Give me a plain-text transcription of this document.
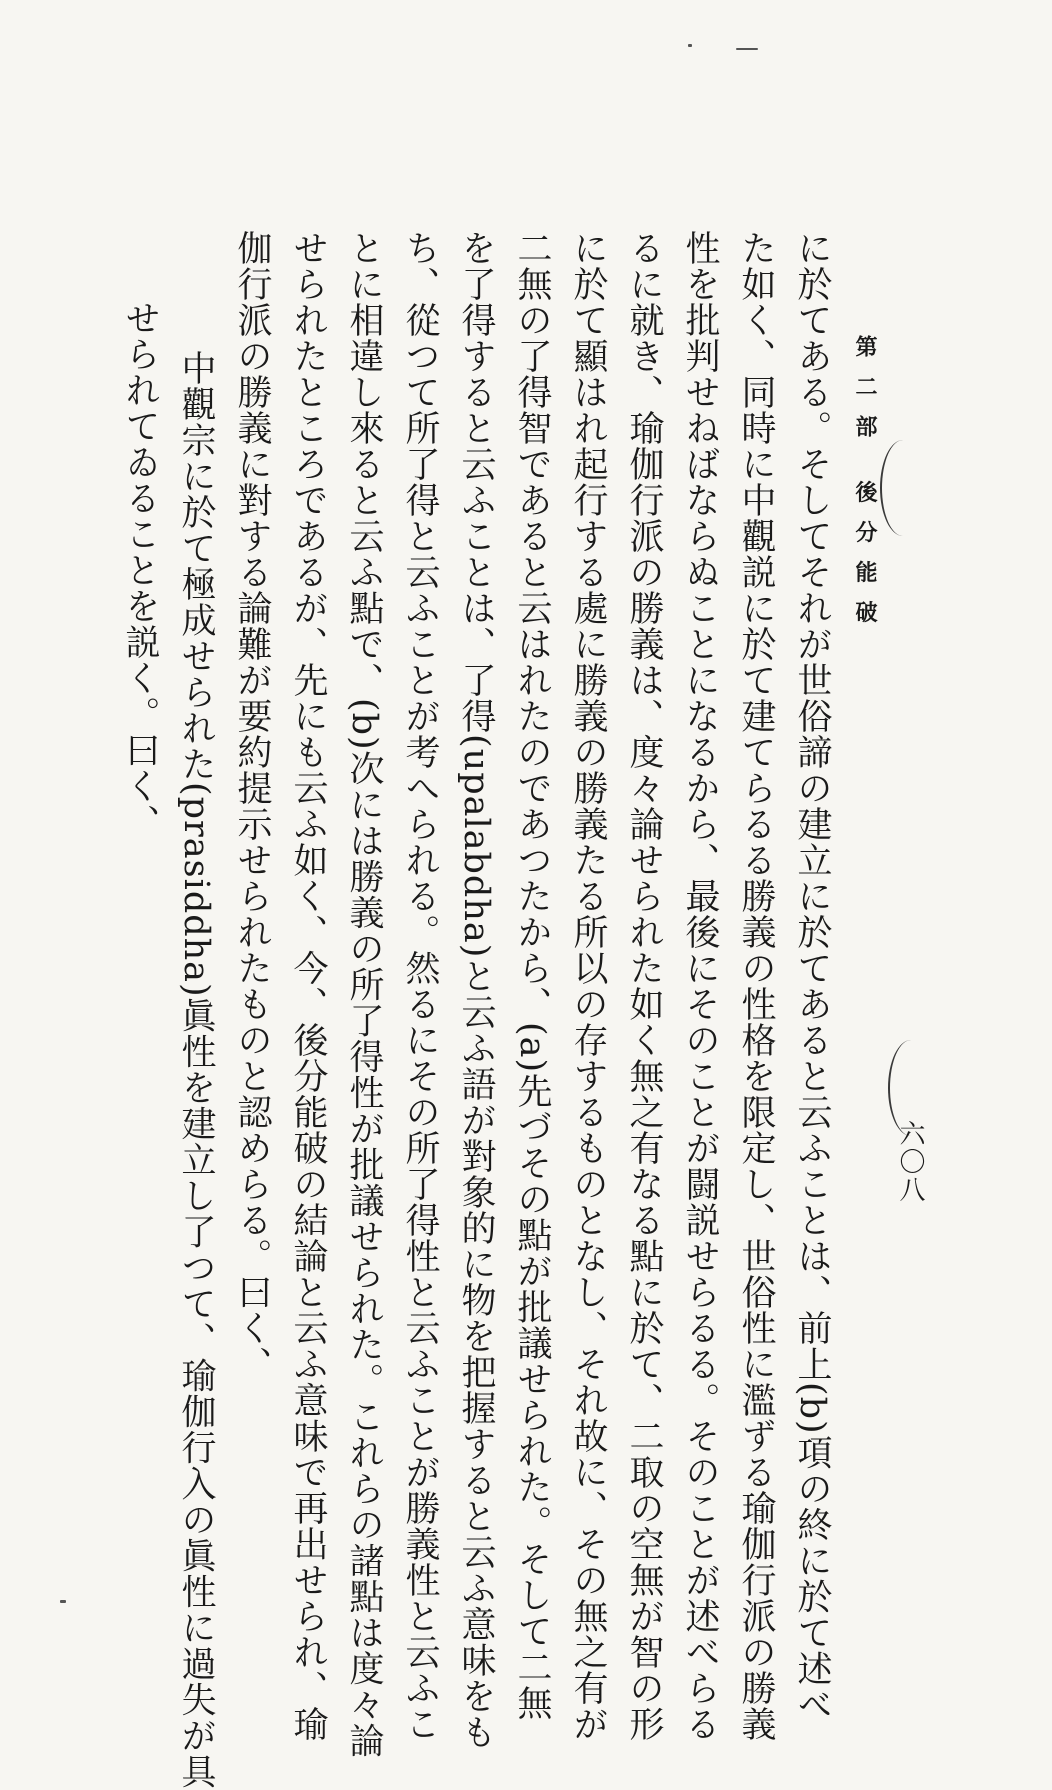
第二部 後分能破
六〇八
に於てある。そしてそれが世俗諦の建立に於てあると云ふことは、前上(b)項の終に於て述べ
た如く、同時に中觀説に於て建てらるる勝義の性格を限定し、世俗性に濫ずる瑜伽行派の勝義
性を批判せねばならぬことになるから、最後にそのことが闘説せらるる。そのことが述べらる
るに就き、瑜伽行派の勝義は、度々論せられた如く無之有なる點に於て、二取の空無が智の形
に於て顯はれ起行する處に勝義の勝義たる所以の存するものとなし、それ故に、その無之有が
二無の了得智であると云はれたのであつたから、(a)先づその點が批議せられた。そして二無
を了得すると云ふことは、了得(upalabdha)と云ふ語が對象的に物を把握すると云ふ意味をも
ち、從つて所了得と云ふことが考へられる。然るにその所了得性と云ふことが勝義性と云ふこ
とに相違し來ると云ふ點で、(b)次には勝義の所了得性が批議せられた。これらの諸點は度々論
せられたところであるが、先にも云ふ如く、今、後分能破の結論と云ふ意味で再出せられ、瑜
伽行派の勝義に對する論難が要約提示せられたものと認めらる。曰く、
中觀宗に於て極成せられた(prasiddha)眞性を建立し了つて、瑜伽行入の眞性に過失が具
せられてゐることを説く。曰く、
